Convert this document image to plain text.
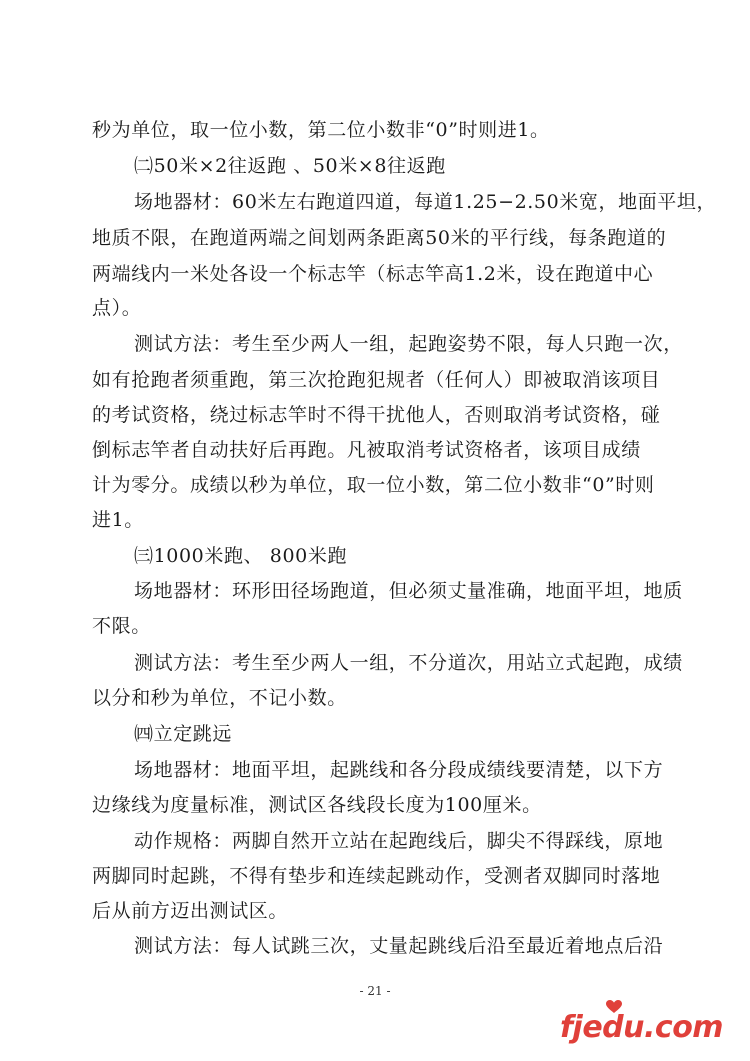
秒为单位，取一位小数，第二位小数非“0”时则进1。
㈡50米×2往返跑 、50米×8往返跑
场地器材：60米左右跑道四道，每道1.25−2.50米宽，地面平坦，
地质不限，在跑道两端之间划两条距离50米的平行线，每条跑道的
两端线内一米处各设一个标志竿（标志竿高1.2米，设在跑道中心
点）。
测试方法：考生至少两人一组，起跑姿势不限，每人只跑一次，
如有抢跑者须重跑，第三次抢跑犯规者（任何人）即被取消该项目
的考试资格，绕过标志竿时不得干扰他人，否则取消考试资格，碰
倒标志竿者自动扶好后再跑。凡被取消考试资格者，该项目成绩
计为零分。成绩以秒为单位，取一位小数，第二位小数非“0”时则
进1。
㈢1000米跑、 800米跑
场地器材：环形田径场跑道，但必须丈量准确，地面平坦，地质
不限。
测试方法：考生至少两人一组，不分道次，用站立式起跑，成绩
以分和秒为单位，不记小数。
㈣立定跳远
场地器材：地面平坦，起跳线和各分段成绩线要清楚，以下方
边缘线为度量标准，测试区各线段长度为100厘米。
动作规格：两脚自然开立站在起跑线后，脚尖不得踩线，原地
两脚同时起跳，不得有垫步和连续起跳动作，受测者双脚同时落地
后从前方迈出测试区。
测试方法：每人试跳三次，丈量起跳线后沿至最近着地点后沿
- 21 -
fjedu.com
